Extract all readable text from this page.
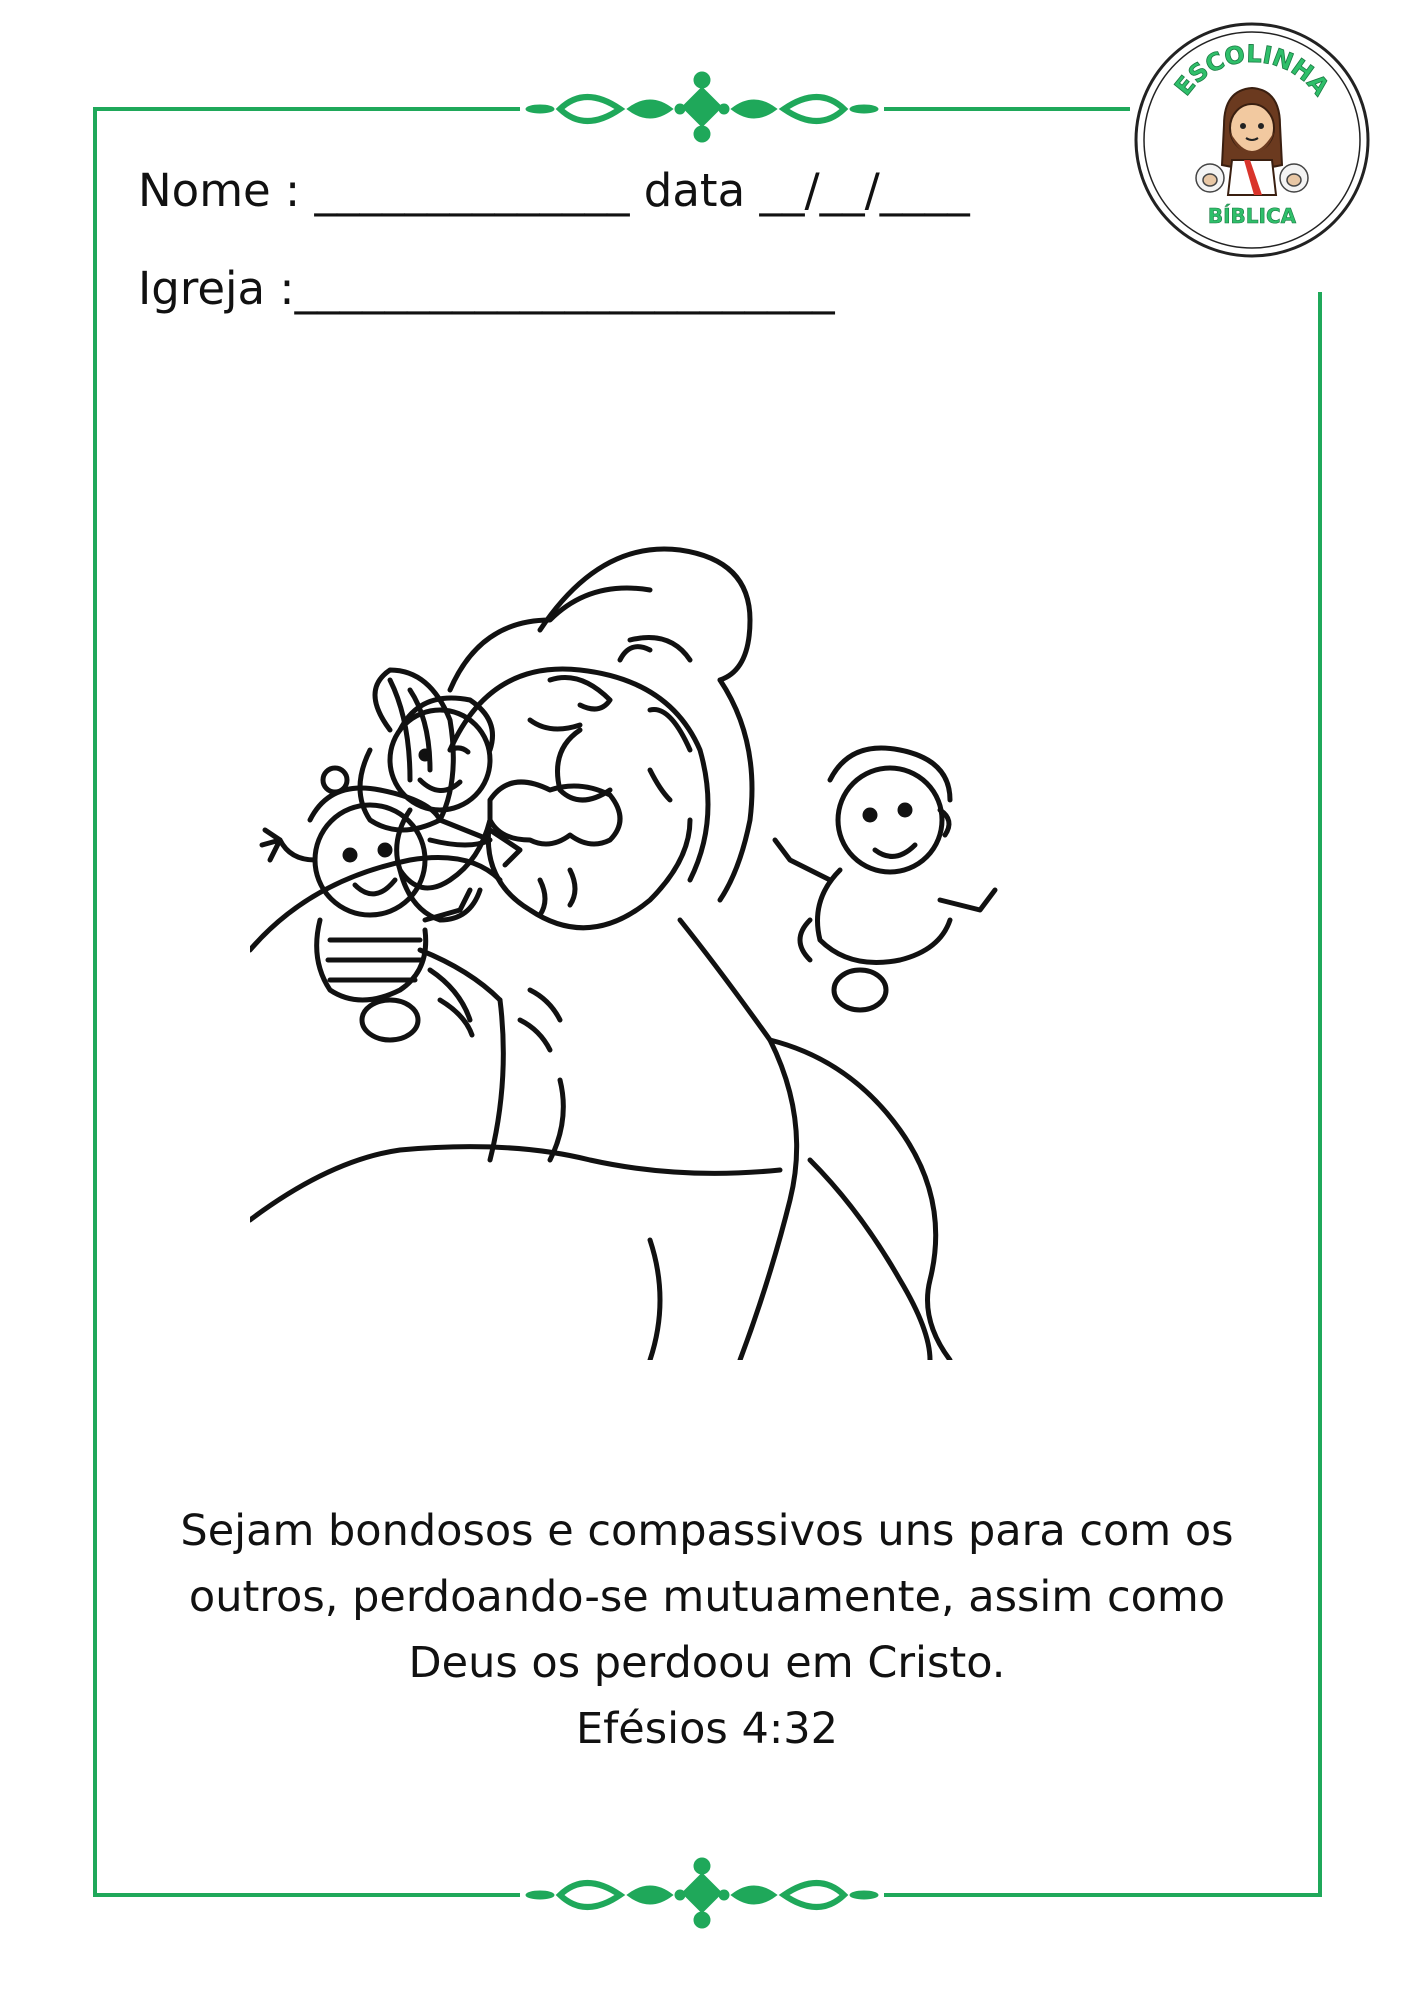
Nome : ______________ data __/__/____
Igreja :________________________
ESCOLINHA
BÍBLICA
Sejam bondosos e compassivos uns para com os
outros, perdoando-se mutuamente, assim como
Deus os perdoou em Cristo.
Efésios 4:32
